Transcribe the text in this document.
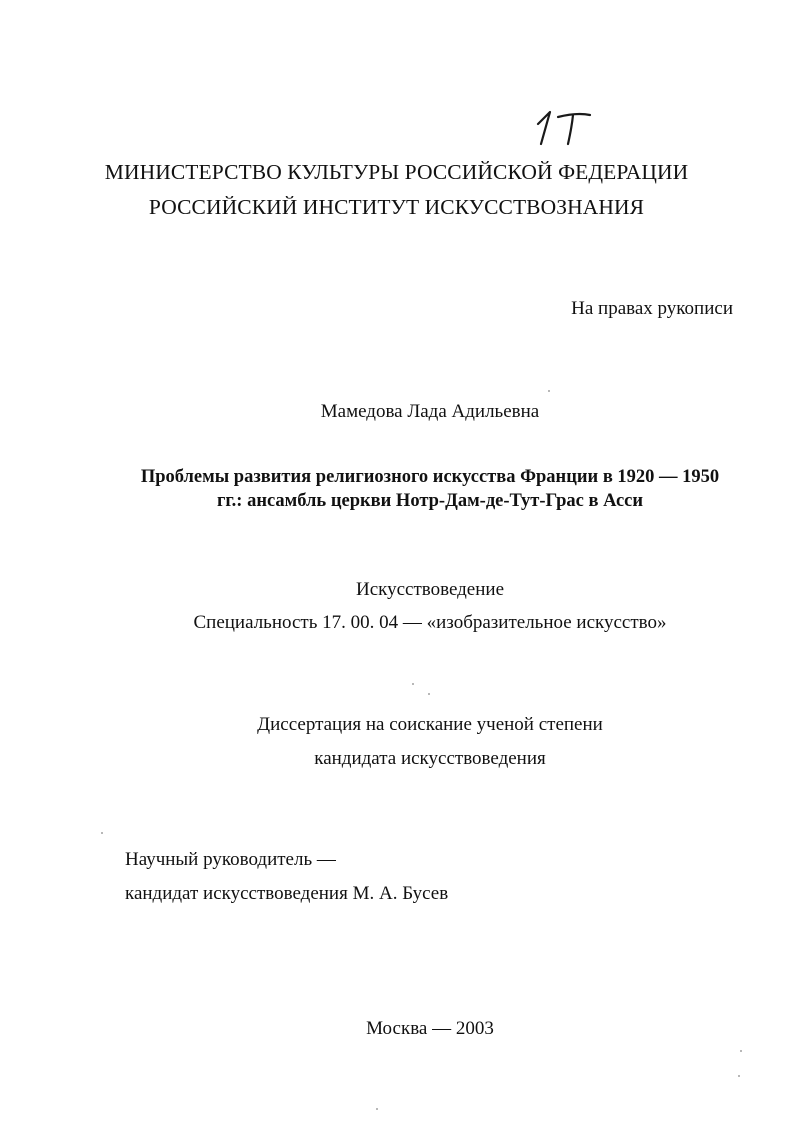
МИНИСТЕРСТВО КУЛЬТУРЫ РОССИЙСКОЙ ФЕДЕРАЦИИ
РОССИЙСКИЙ ИНСТИТУТ ИСКУССТВОЗНАНИЯ
На правах рукописи
Мамедова Лада Адильевна
Проблемы развития религиозного искусства Франции в 1920 — 1950
гг.: ансамбль церкви Нотр-Дам-де-Тут-Грас в Асси
Искусствоведение
Специальность 17. 00. 04 — «изобразительное искусство»
Диссертация на соискание ученой степени
кандидата искусствоведения
Научный руководитель —
кандидат искусствоведения М. А. Бусев
Москва — 2003
